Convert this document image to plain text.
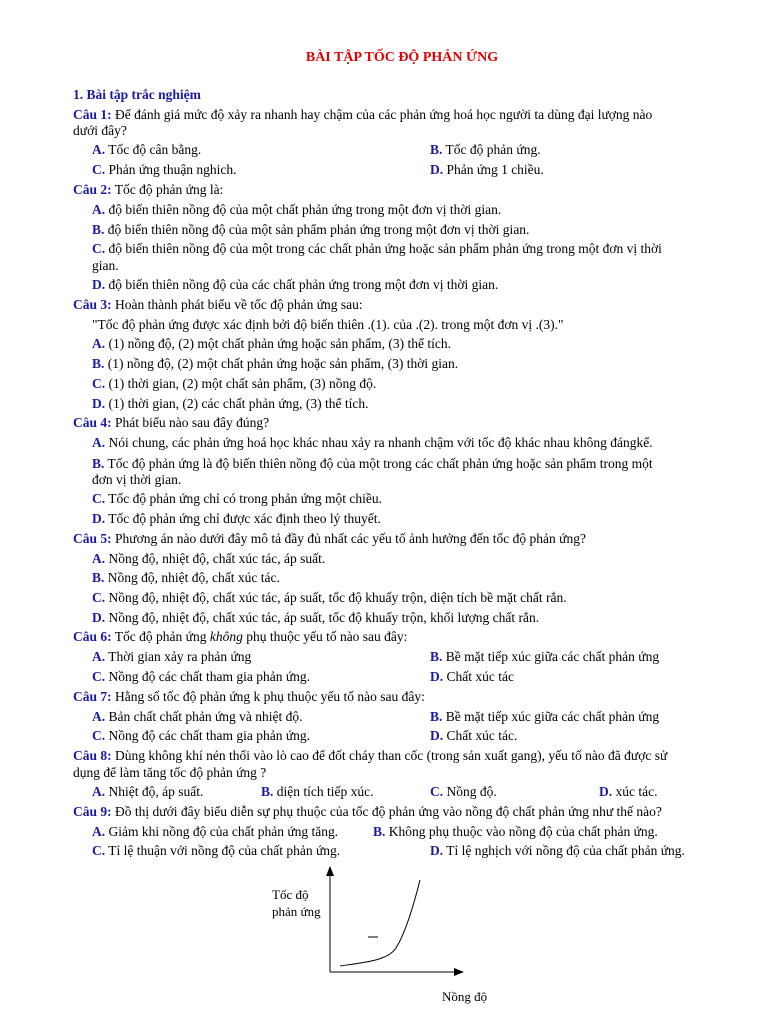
BÀI TẬP TỐC ĐỘ PHẢN ỨNG
1. Bài tập trắc nghiệm
Câu 1: Để đánh giá mức độ xảy ra nhanh hay chậm của các phản ứng hoá học người ta dùng đại lượng nào
dưới đây?
A. Tốc độ cân bằng.	B. Tốc độ phản ứng.
C. Phản ứng thuận nghich.	D. Phản ứng 1 chiều.
Câu 2: Tốc độ phản ứng là:
A. độ biến thiên nồng độ của một chất phản ứng trong một đơn vị thời gian.
B. độ biến thiên nồng độ của một sản phẩm phản ứng trong một đơn vị thời gian.
C. độ biến thiên nồng độ của một trong các chất phản ứng hoặc sản phẩm phản ứng trong một đơn vị thời
gian.
D. độ biến thiên nồng độ của các chất phản ứng trong một đơn vị thời gian.
Câu 3: Hoàn thành phát biểu về tốc độ phản ứng sau:
"Tốc độ phản ứng được xác định bởi độ biến thiên .(1). của .(2). trong một đơn vị .(3)."
A. (1) nồng độ, (2) một chất phản ứng hoặc sản phẩm, (3) thể tích.
B. (1) nồng độ, (2) một chất phản ứng hoặc sản phẩm, (3) thời gian.
C. (1) thời gian, (2) một chất sản phẩm, (3) nồng độ.
D. (1) thời gian, (2) các chất phản ứng, (3) thể tích.
Câu 4: Phát biểu nào sau đây đúng?
A. Nói chung, các phản ứng hoá học khác nhau xảy ra nhanh chậm với tốc độ khác nhau không đángkể.
B. Tốc độ phản ứng là độ biến thiên nồng độ của một trong các chất phản ứng hoặc sản phẩm trong một
đơn vị thời gian.
C. Tốc độ phản ứng chỉ có trong phản ứng một chiều.
D. Tốc độ phản ứng chỉ được xác định theo lý thuyết.
Câu 5: Phương án nào dưới đây mô tả đầy đủ nhất các yếu tố ảnh hưởng đến tốc độ phản ứng?
A. Nồng độ, nhiệt độ, chất xúc tác, áp suất.
B. Nồng độ, nhiệt độ, chất xúc tác.
C. Nồng độ, nhiệt độ, chất xúc tác, áp suất, tốc độ khuấy trộn, diện tích bề mặt chất rắn.
D. Nồng độ, nhiệt độ, chất xúc tác, áp suất, tốc độ khuấy trộn, khối lượng chất rắn.
Câu 6: Tốc độ phản ứng không phụ thuộc yếu tố nào sau đây:
A. Thời gian xảy ra phản ứng	B. Bề mặt tiếp xúc giữa các chất phản ứng
C. Nồng độ các chất tham gia phản ứng.	D. Chất xúc tác
Câu 7: Hằng số tốc độ phản ứng k phụ thuộc yếu tố nào sau đây:
A. Bản chất chất phản ứng và nhiệt độ.	B. Bề mặt tiếp xúc giữa các chất phản ứng
C. Nồng độ các chất tham gia phản ứng.	D. Chất xúc tác.
Câu 8: Dùng không khí nén thổi vào lò cao để đốt cháy than cốc (trong sản xuất gang), yếu tố nào đã được sử
dụng để làm tăng tốc độ phản ứng ?
A. Nhiệt độ, áp suất.	B. diện tích tiếp xúc.	C. Nồng độ.	D. xúc tác.
Câu 9: Đồ thị dưới đây biểu diễn sự phụ thuộc của tốc độ phản ứng vào nồng độ chất phản ứng như thế nào?
A. Giảm khi nồng độ của chất phản ứng tăng.	B. Không phụ thuộc vào nồng độ của chất phản ứng.
C. Tỉ lệ thuận với nồng độ của chất phản ứng.	D. Tỉ lệ nghịch với nồng độ của chất phản ứng.
Tốc độ
phản ứng
Nồng độ
